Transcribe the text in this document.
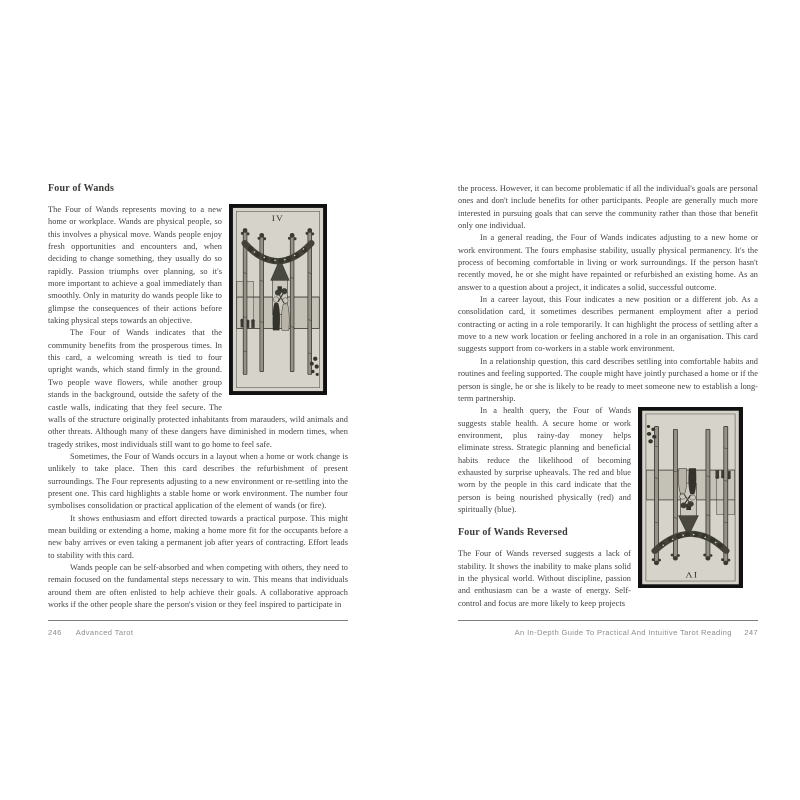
Four of Wands

The Four of Wands represents moving to a new home or workplace. Wands are physical people, so this involves a physical move. Wands people enjoy fresh opportunities and encounters and, when deciding to change something, they usually do so rapidly. Passion triumphs over planning, so it's more important to achieve a goal immediately than smoothly. Only in maturity do wands people like to glimpse the consequences of their actions before taking physical steps towards an objective.

The Four of Wands indicates that the community benefits from the prosperous times. In this card, a welcoming wreath is tied to four upright wands, which stand firmly in the ground. Two people wave flowers, while another group stands in the background, outside the safety of the castle walls, indicating that they feel secure. The walls of the structure originally protected inhabitants from marauders, wild animals and other threats. Although many of these dangers have diminished in modern times, when tragedy strikes, most individuals still want to go home to feel safe.

Sometimes, the Four of Wands occurs in a layout when a home or work change is unlikely to take place. Then this card describes the refurbishment of present surroundings. The Four represents adjusting to a new environment or re-settling into the present one. This card highlights a stable home or work environment. The number four symbolises consolidation or practical application of the element of wands (or fire).

It shows enthusiasm and effort directed towards a practical purpose. This might mean building or extending a home, making a home more fit for the occupants before a new baby arrives or even taking a permanent job after years of contracting. Effort leads to stability with this card.

Wands people can be self-absorbed and when competing with others, they need to remain focused on the fundamental steps necessary to win. This means that individuals around them are often enlisted to help achieve their goals. A collaborative approach works if the other people share the person's vision or they feel inspired to participate in

246 Advanced Tarot

the process. However, it can become problematic if all the individual's goals are personal ones and don't include benefits for other participants. People are generally much more interested in pursuing goals that can serve the community rather than those that benefit only one individual.

In a general reading, the Four of Wands indicates adjusting to a new home or work environment. The fours emphasise stability, usually physical permanency. It's the process of becoming comfortable in living or work surroundings. If the person hasn't recently moved, he or she might have repainted or refurbished an existing home. As an answer to a question about a project, it indicates a solid, successful outcome.

In a career layout, this Four indicates a new position or a different job. As a consolidation card, it sometimes describes permanent employment after a period contracting or acting in a role temporarily. It can highlight the process of settling after a move to a new work location or feeling anchored in a role in an organisation. This card suggests support from co-workers in a stable work environment.

In a relationship question, this card describes settling into comfortable habits and routines and feeling supported. The couple might have jointly purchased a home or if the person is single, he or she is likely to be ready to meet someone new to establish a long-term partnership.

In a health query, the Four of Wands suggests stable health. A secure home or work environment, plus rainy-day money helps eliminate stress. Strategic planning and beneficial habits reduce the likelihood of becoming exhausted by surprise upheavals. The red and blue worn by the people in this card indicate that the person is being nourished physically (red) and spiritually (blue).

Four of Wands Reversed

The Four of Wands reversed suggests a lack of stability. It shows the inability to make plans solid in the physical world. Without discipline, passion and enthusiasm can be a waste of energy. Self-control and focus are more likely to keep projects

An In-Depth Guide To Practical And Intuitive Tarot Reading 247
